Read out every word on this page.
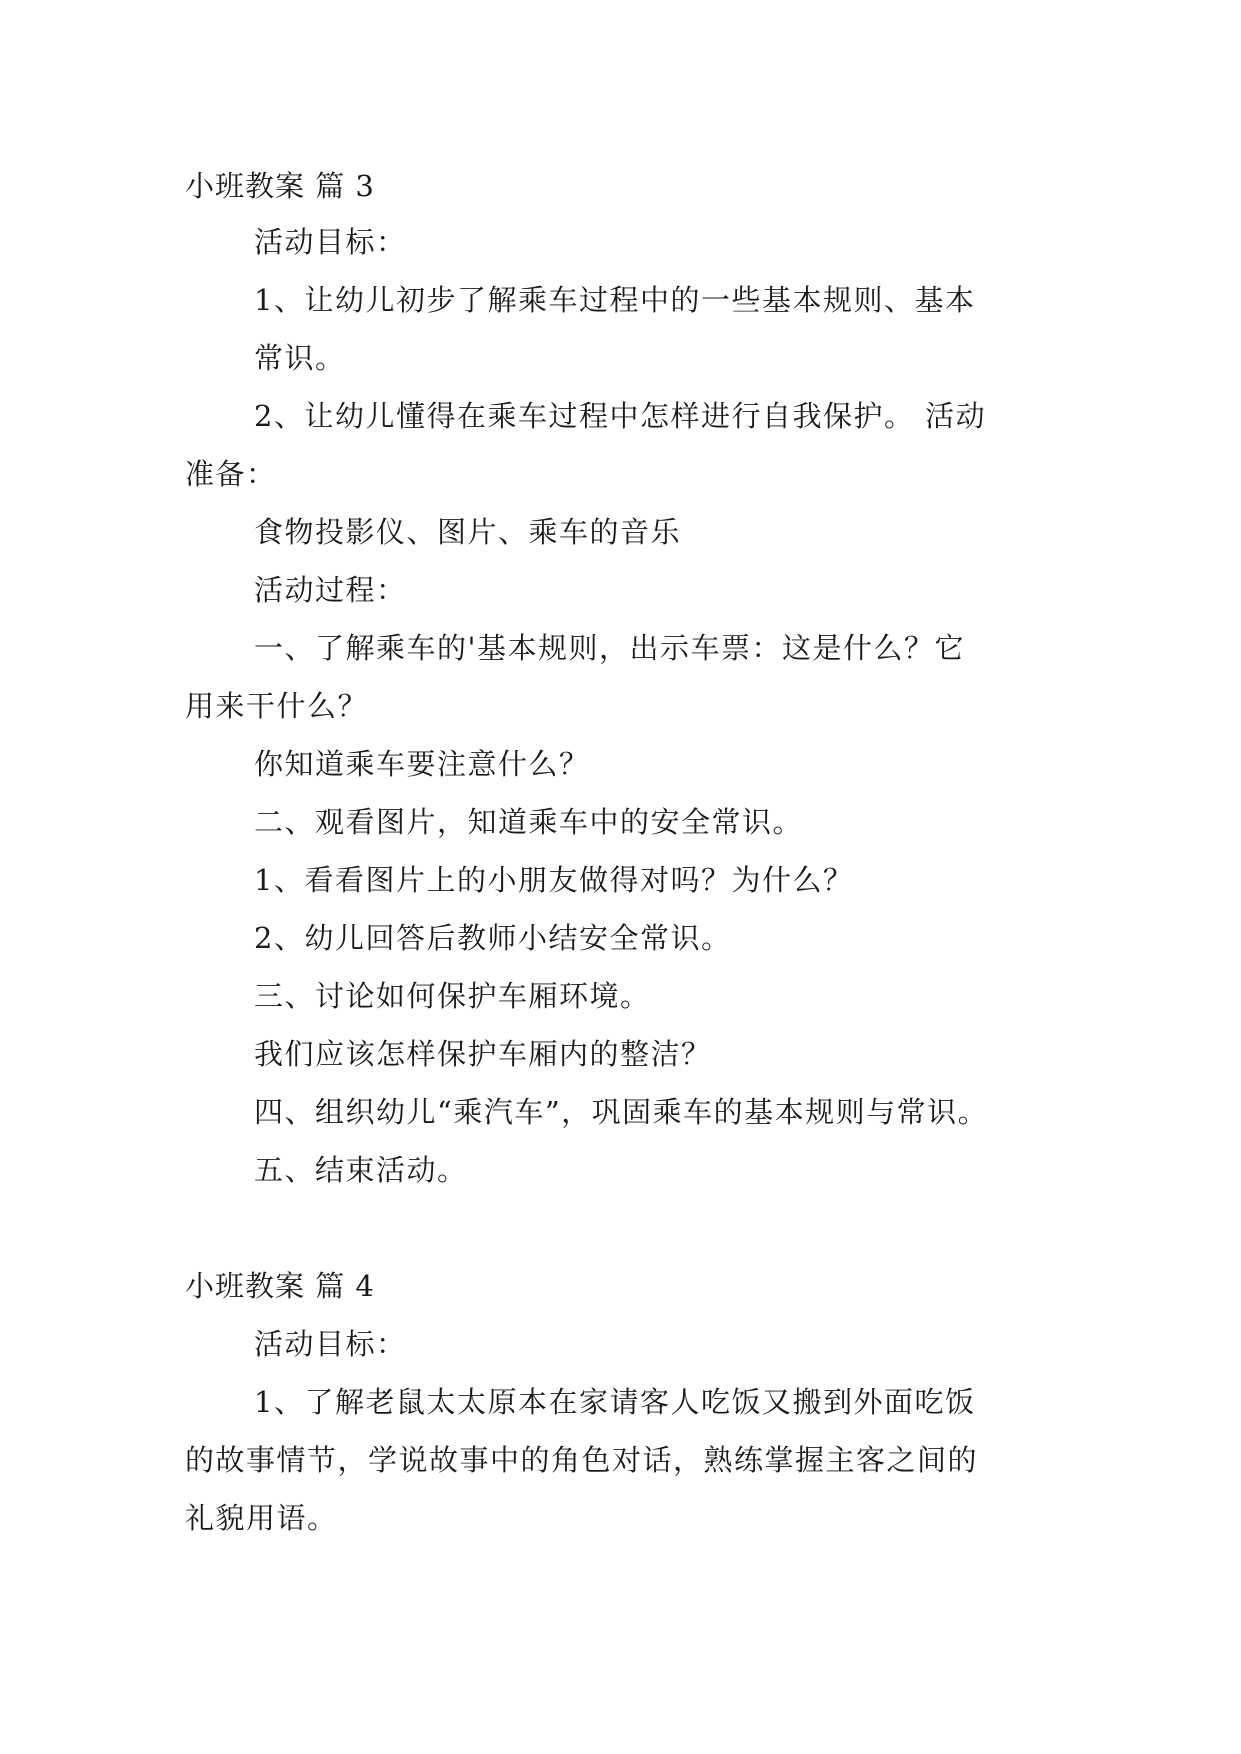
小班教案 篇 3
活动目标：
1、让幼儿初步了解乘车过程中的一些基本规则、基本
常识。
2、让幼儿懂得在乘车过程中怎样进行自我保护。 活动
准备：
食物投影仪、图片、乘车的音乐
活动过程：
一、了解乘车的'基本规则，出示车票：这是什么？它
用来干什么？
你知道乘车要注意什么？
二、观看图片，知道乘车中的安全常识。
1、看看图片上的小朋友做得对吗？为什么？
2、幼儿回答后教师小结安全常识。
三、讨论如何保护车厢环境。
我们应该怎样保护车厢内的整洁？
四、组织幼儿“乘汽车”，巩固乘车的基本规则与常识。
五、结束活动。
小班教案 篇 4
活动目标：
1、了解老鼠太太原本在家请客人吃饭又搬到外面吃饭
的故事情节，学说故事中的角色对话，熟练掌握主客之间的
礼貌用语。
